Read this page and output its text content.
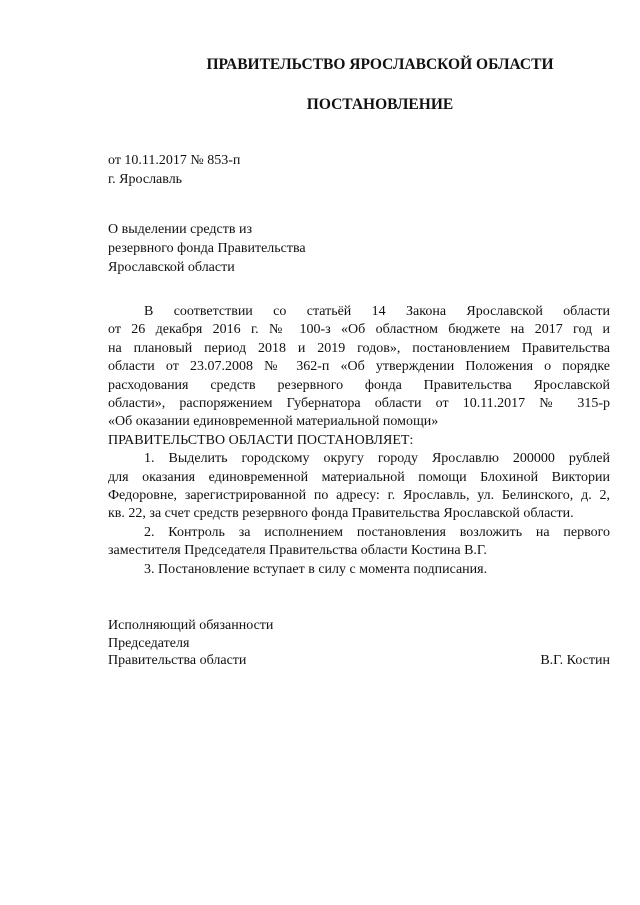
ПРАВИТЕЛЬСТВО ЯРОСЛАВСКОЙ ОБЛАСТИ
ПОСТАНОВЛЕНИЕ
от 10.11.2017 № 853-п
г. Ярославль
О выделении средств из
резервного фонда Правительства
Ярославской области

В соответствии со статьёй 14 Закона Ярославской области

от 26 декабря 2016 г. № 100-з «Об областном бюджете на 2017 год и

на плановый период 2018 и 2019 годов», постановлением Правительства

области от 23.07.2008 № 362-п «Об утверждении Положения о порядке

расходования средств резервного фонда Правительства Ярославской

области», распоряжением Губернатора области от 10.11.2017 № 315-р

«Об оказании единовременной материальной помощи»

ПРАВИТЕЛЬСТВО ОБЛАСТИ ПОСТАНОВЛЯЕТ:

1. Выделить городскому округу городу Ярославлю 200000 рублей

для оказания единовременной материальной помощи Блохиной Виктории

Федоровне, зарегистрированной по адресу: г. Ярославль, ул. Белинского, д. 2,

кв. 22, за счет средств резервного фонда Правительства Ярославской области.

2. Контроль за исполнением постановления возложить на первого

заместителя Председателя Правительства области Костина В.Г.

3. Постановление вступает в силу с момента подписания.

Исполняющий обязанности
Председателя
Правительства области	В.Г. Костин
